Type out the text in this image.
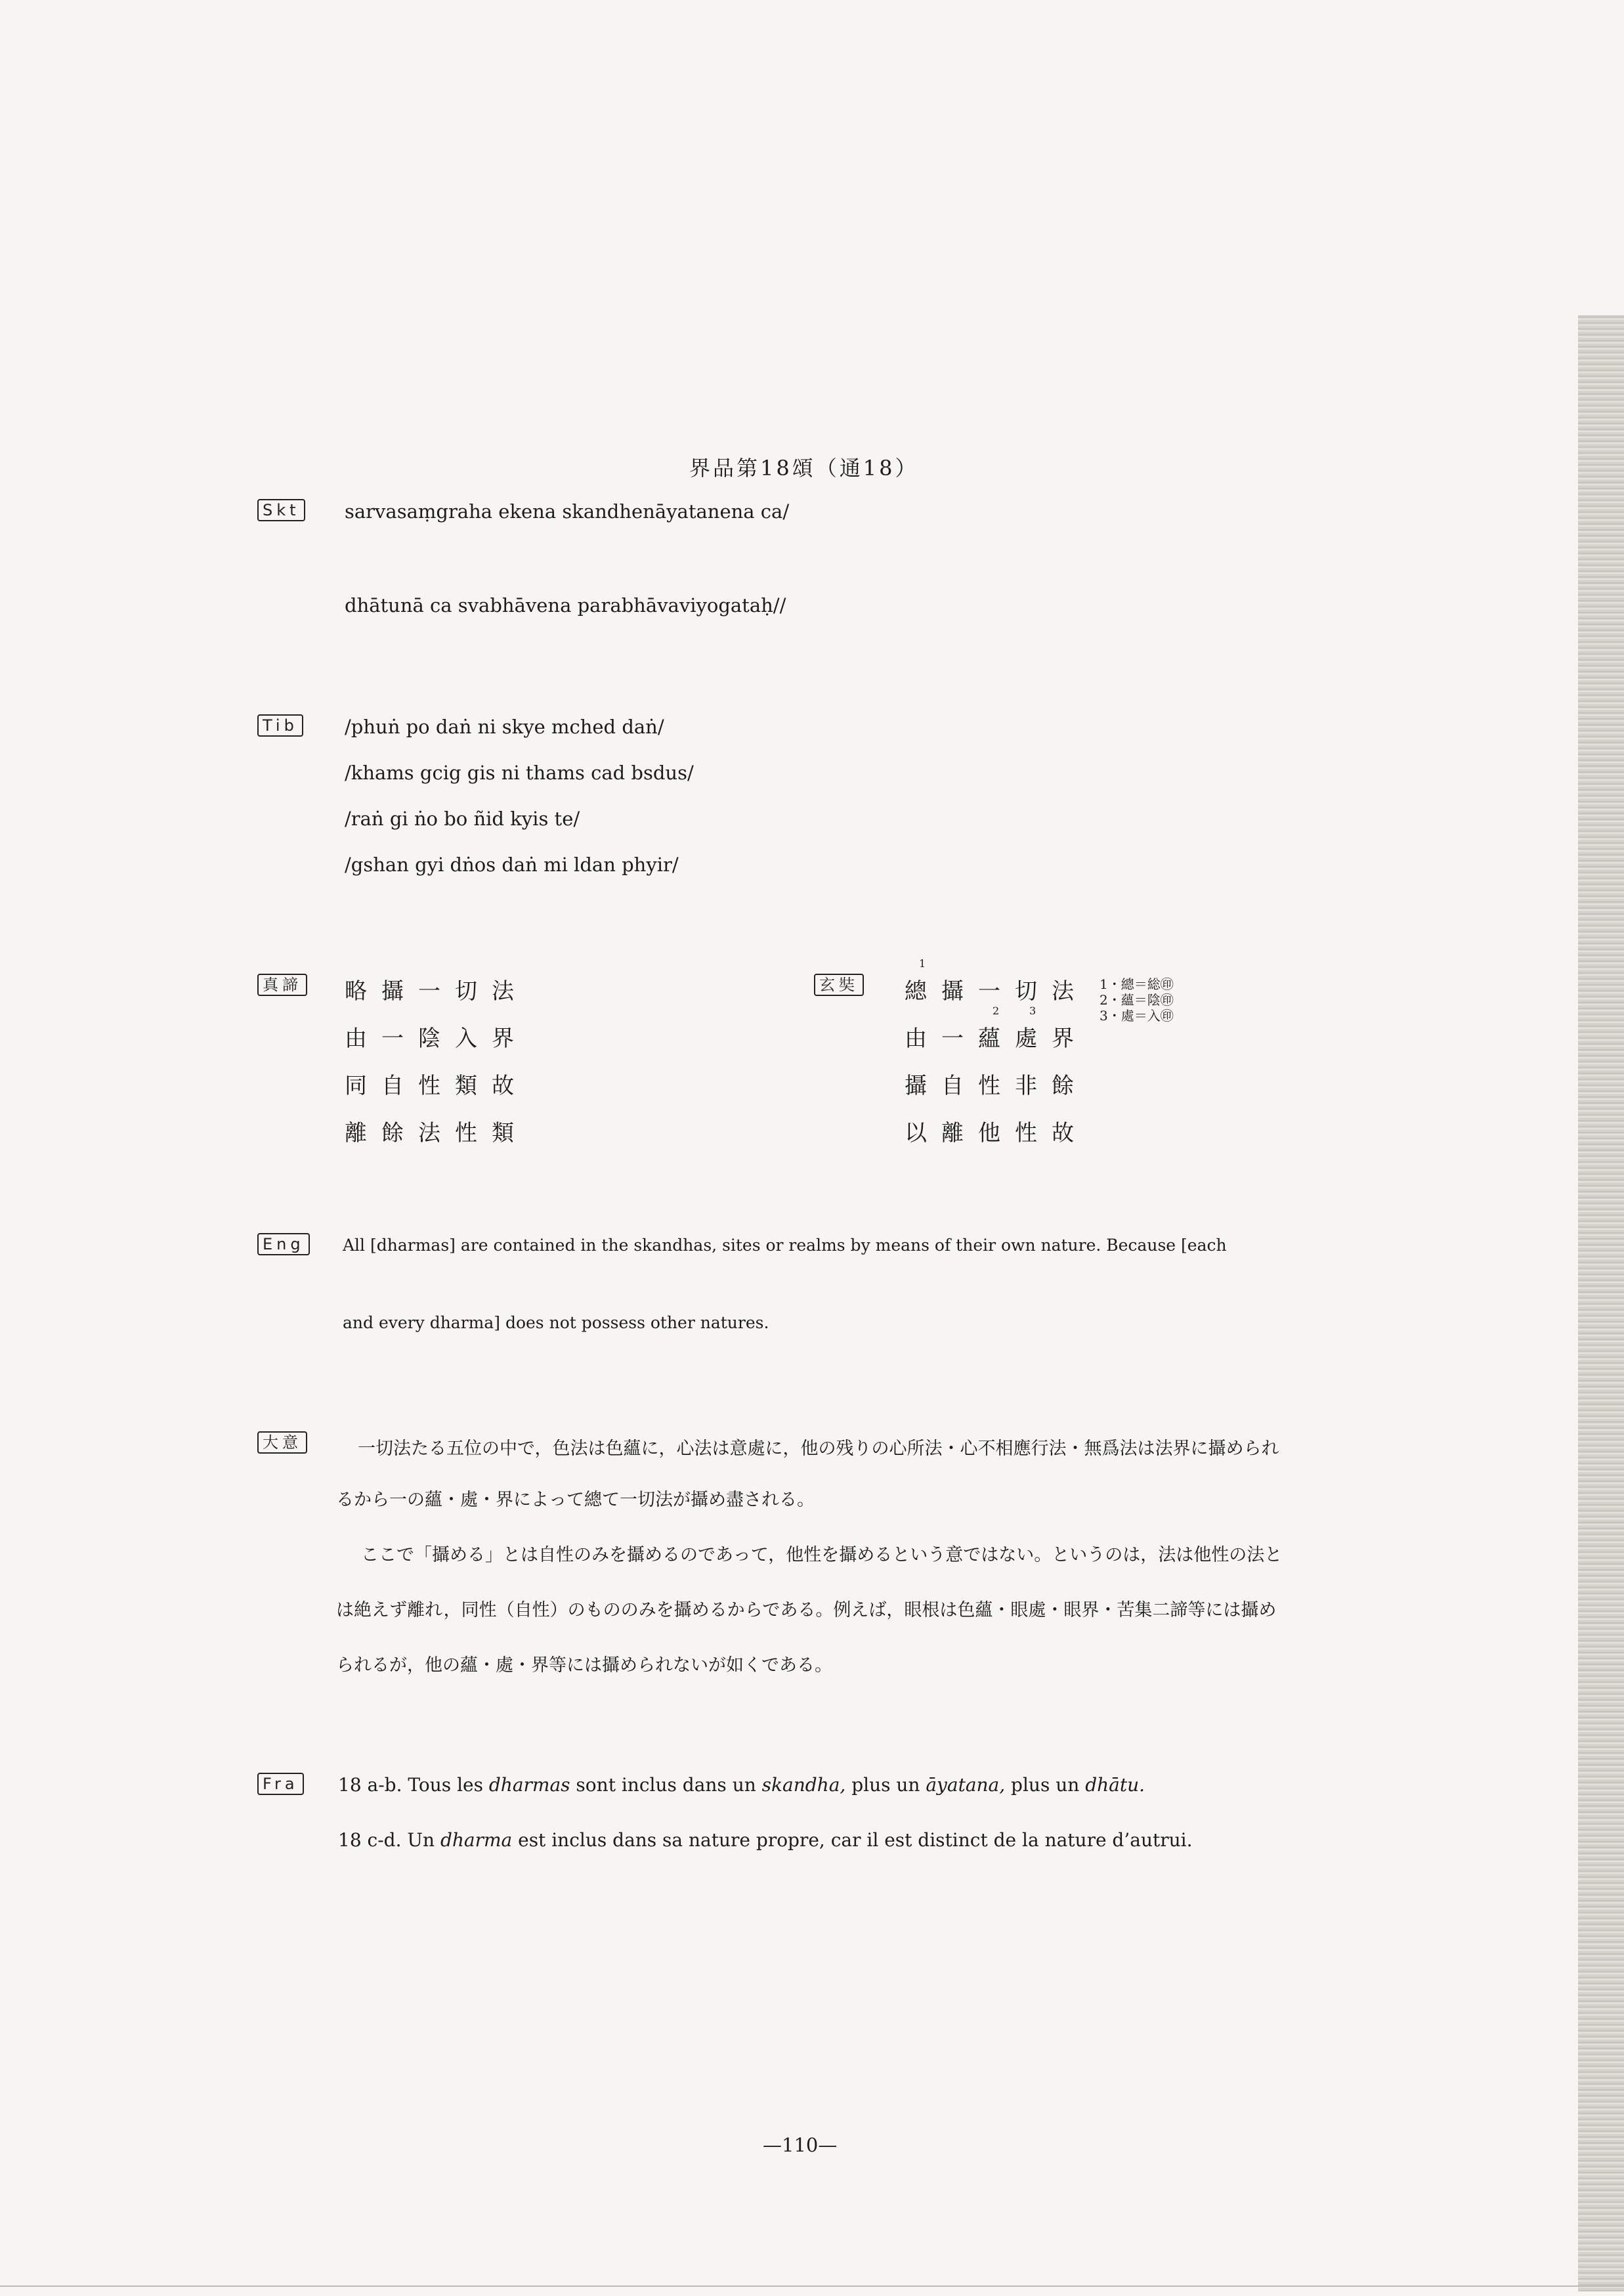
界品第18頌（通18）
Skt sarvasaṃgraha ekena skandhenāyatanena ca/
dhātunā ca svabhāvena parabhāvaviyogataḥ//
Tib /phuṅ po daṅ ni skye mched daṅ/
/khams gcig gis ni thams cad bsdus/
/raṅ gi ṅo bo ñid kyis te/
/gshan gyi dṅos daṅ mi ldan phyir/
真諦 略攝一切法
由一陰入界
同自性類故
離餘法性類
玄奘
1
2	3
總攝一切法
由一蘊處界
攝自性非餘
以離他性故
1・總＝総㊞
2・蘊＝陰㊞
3・處＝入㊞
Eng	All [dharmas] are contained in the skandhas, sites or realms by means of their own nature. Because [each
and every dharma] does not possess other natures.
大意	一切法たる五位の中で，色法は色蘊に，心法は意處に，他の残りの心所法・心不相應行法・無爲法は法界に攝められ
るから一の蘊・處・界によって總て一切法が攝め盡される。
ここで「攝める」とは自性のみを攝めるのであって，他性を攝めるという意ではない。というのは，法は他性の法と
は絶えず離れ，同性（自性）のもののみを攝めるからである。例えば，眼根は色蘊・眼處・眼界・苦集二諦等には攝め
られるが，他の蘊・處・界等には攝められないが如くである。
Fra 18 a-b. Tous les dharmas sont inclus dans un skandha, plus un āyatana, plus un dhātu.
18 c-d. Un dharma est inclus dans sa nature propre, car il est distinct de la nature d’autrui.
—110—
